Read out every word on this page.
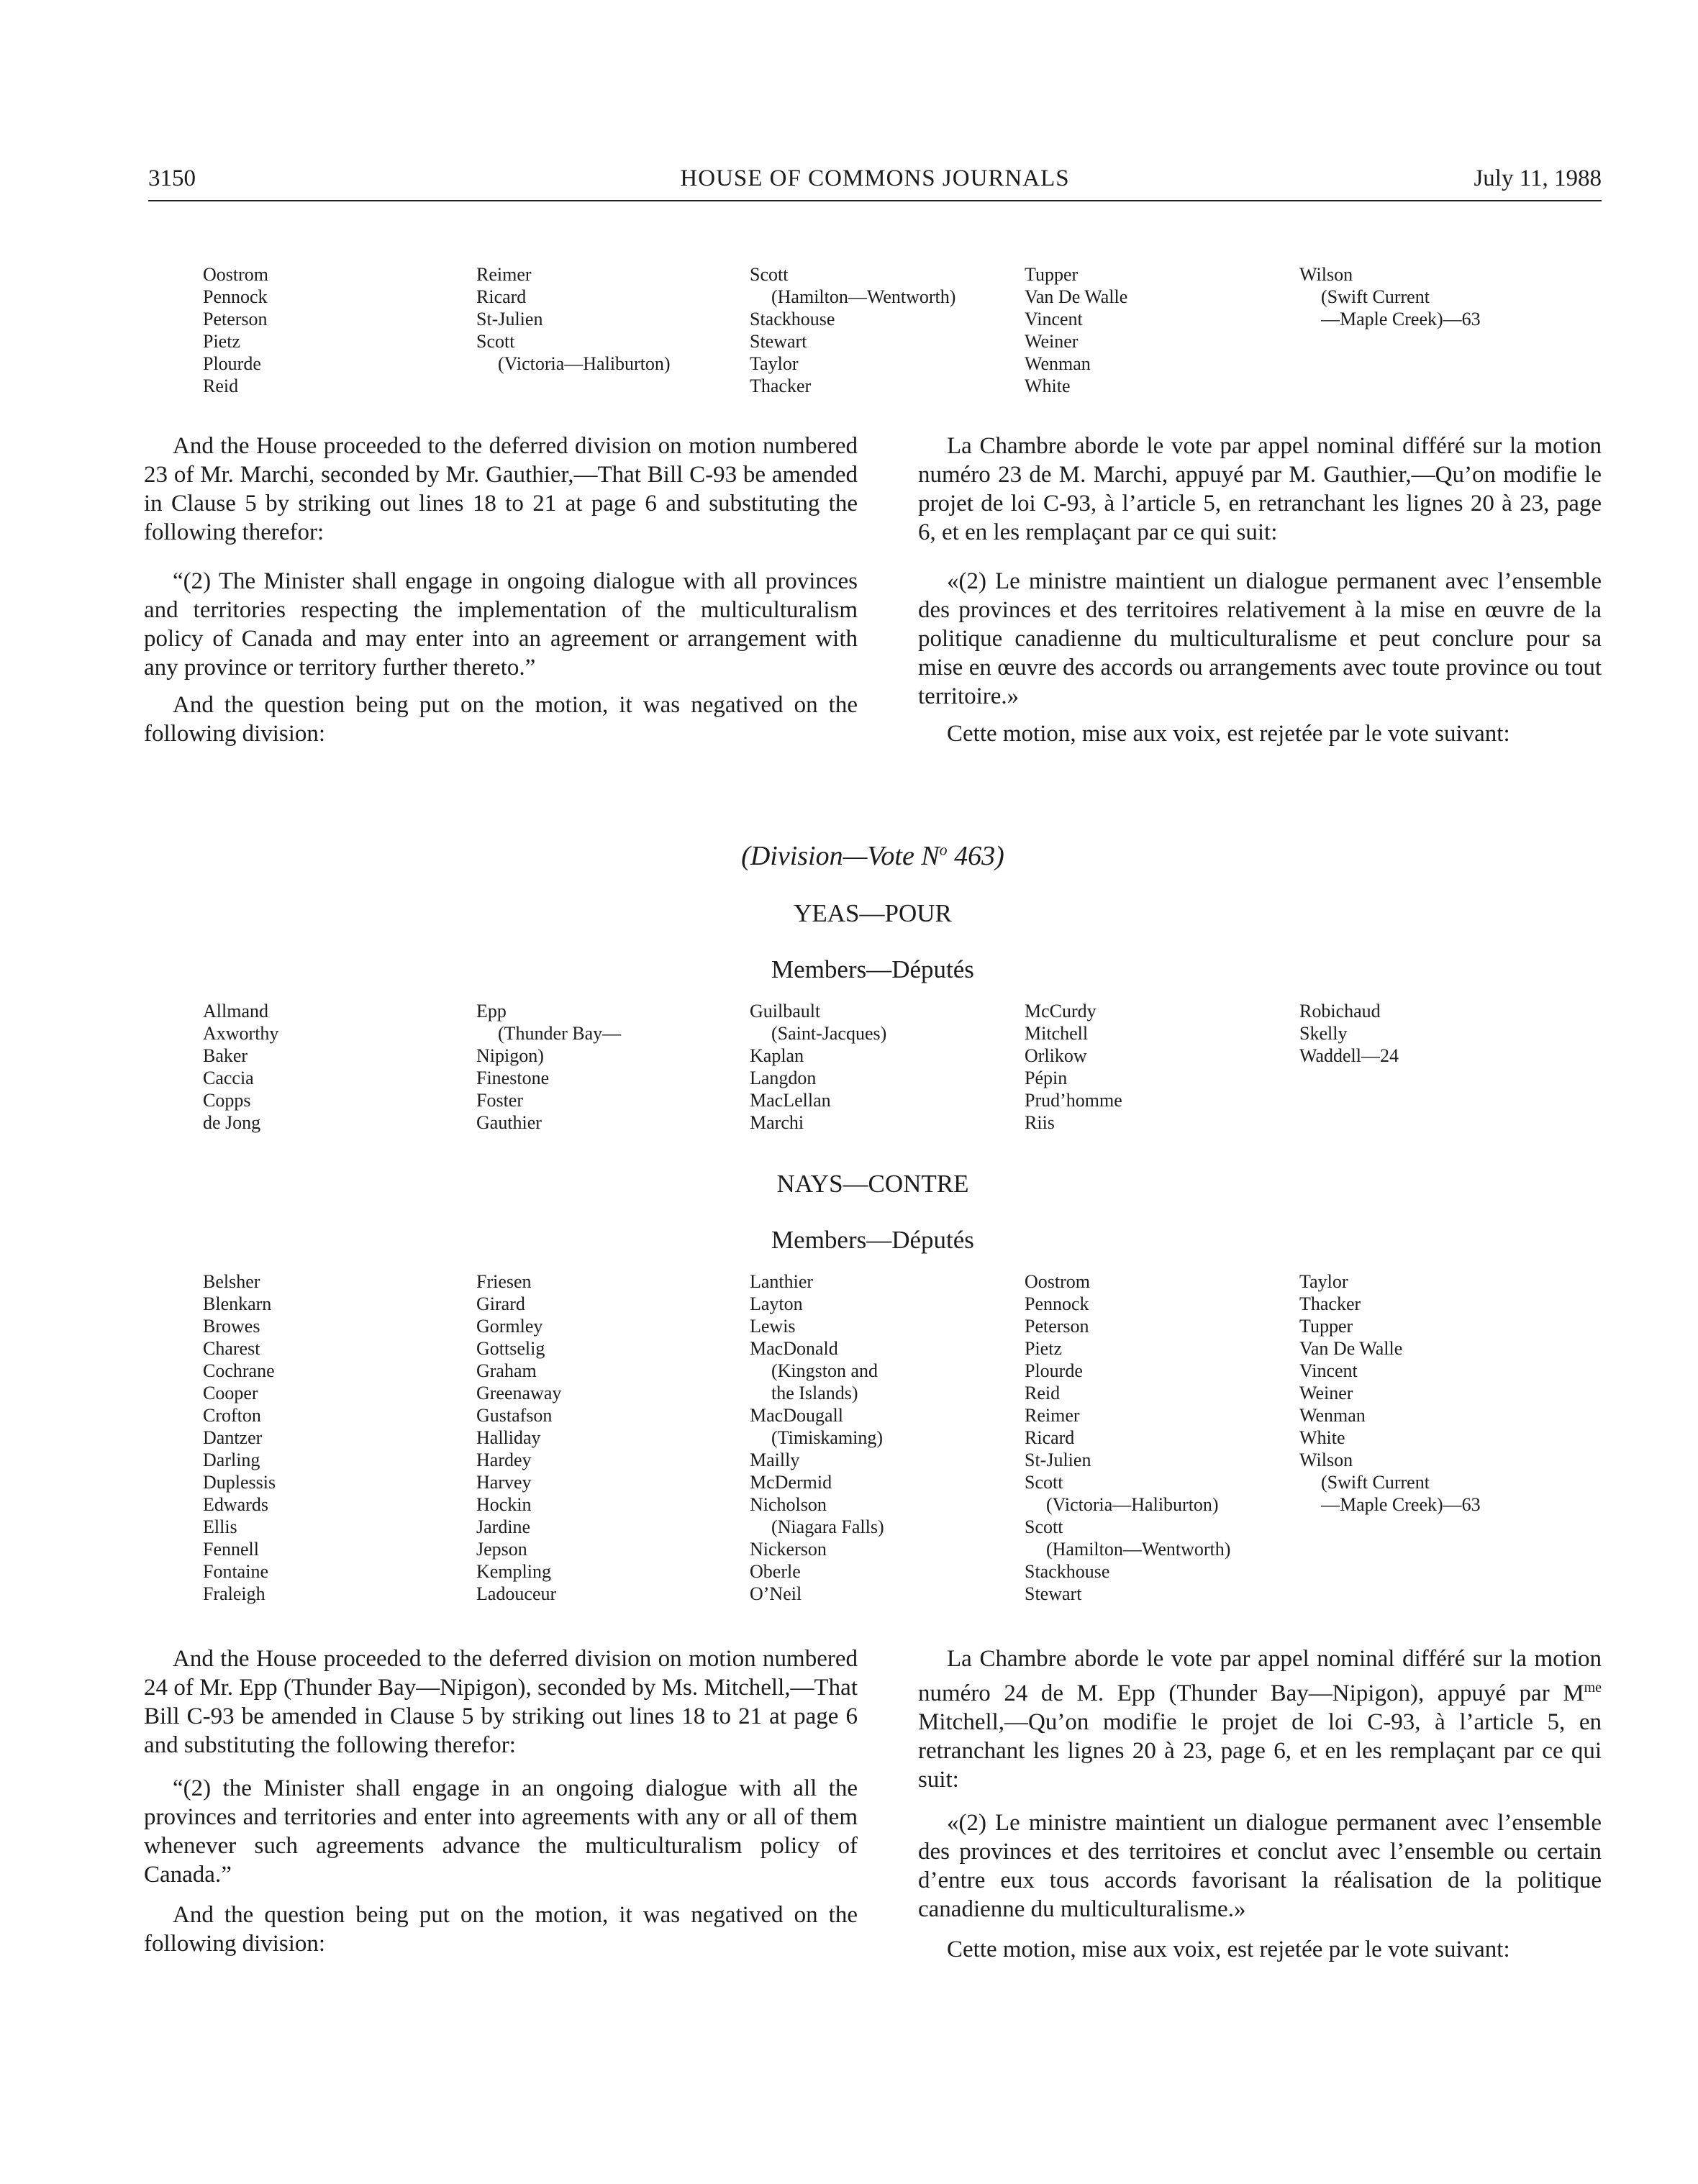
3150	HOUSE OF COMMONS JOURNALS	July 11, 1988
Oostrom
Pennock
Peterson
Pietz
Plourde
Reid
Reimer
Ricard
St-Julien
Scott
(Victoria—Haliburton)
Scott
(Hamilton—Wentworth)
Stackhouse
Stewart
Taylor
Thacker
Tupper
Van De Walle
Vincent
Weiner
Wenman
White
Wilson
(Swift Current
—Maple Creek)—63

And the House proceeded to the deferred division on motion numbered 23 of Mr. Marchi, seconded by Mr. Gauthier,—That Bill C-93 be amended in Clause 5 by striking out lines 18 to 21 at page 6 and substituting the following therefor:

“(2) The Minister shall engage in ongoing dialogue with all provinces and territories respecting the implementation of the multiculturalism policy of Canada and may enter into an agreement or arrangement with any province or territory further thereto.”

And the question being put on the motion, it was negatived on the following division:

La Chambre aborde le vote par appel nominal différé sur la motion numéro 23 de M. Marchi, appuyé par M. Gauthier,—Qu’on modifie le projet de loi C-93, à l’article 5, en retranchant les lignes 20 à 23, page 6, et en les remplaçant par ce qui suit:

«(2) Le ministre maintient un dialogue permanent avec l’ensemble des provinces et des territoires relativement à la mise en œuvre de la politique canadienne du multiculturalisme et peut conclure pour sa mise en œuvre des accords ou arrangements avec toute province ou tout territoire.»

Cette motion, mise aux voix, est rejetée par le vote suivant:

(Division—Vote $N^o$ 463)
YEAS—POUR
Members—Députés
Allmand
Axworthy
Baker
Caccia
Copps
de Jong
Epp
(Thunder Bay—
Nipigon)
Finestone
Foster
Gauthier
Guilbault
(Saint-Jacques)
Kaplan
Langdon
MacLellan
Marchi
McCurdy
Mitchell
Orlikow
Pépin
Prud’homme
Riis
Robichaud
Skelly
Waddell—24
NAYS—CONTRE
Members—Députés
Belsher
Blenkarn
Browes
Charest
Cochrane
Cooper
Crofton
Dantzer
Darling
Duplessis
Edwards
Ellis
Fennell
Fontaine
Fraleigh
Friesen
Girard
Gormley
Gottselig
Graham
Greenaway
Gustafson
Halliday
Hardey
Harvey
Hockin
Jardine
Jepson
Kempling
Ladouceur
Lanthier
Layton
Lewis
MacDonald
(Kingston and
the Islands)
MacDougall
(Timiskaming)
Mailly
McDermid
Nicholson
(Niagara Falls)
Nickerson
Oberle
O’Neil
Oostrom
Pennock
Peterson
Pietz
Plourde
Reid
Reimer
Ricard
St-Julien
Scott
(Victoria—Haliburton)
Scott
(Hamilton—Wentworth)
Stackhouse
Stewart
Taylor
Thacker
Tupper
Van De Walle
Vincent
Weiner
Wenman
White
Wilson
(Swift Current
—Maple Creek)—63

And the House proceeded to the deferred division on motion numbered 24 of Mr. Epp (Thunder Bay—Nipigon), seconded by Ms. Mitchell,—That Bill C-93 be amended in Clause 5 by striking out lines 18 to 21 at page 6 and substituting the following therefor:

“(2) the Minister shall engage in an ongoing dialogue with all the provinces and territories and enter into agreements with any or all of them whenever such agreements advance the multiculturalism policy of Canada.”

And the question being put on the motion, it was negatived on the following division:

La Chambre aborde le vote par appel nominal différé sur la motion numéro 24 de M. Epp (Thunder Bay—Nipigon), appuyé par $M^{me}$ Mitchell,—Qu’on modifie le projet de loi C-93, à l’article 5, en retranchant les lignes 20 à 23, page 6, et en les remplaçant par ce qui suit:

«(2) Le ministre maintient un dialogue permanent avec l’ensemble des provinces et des territoires et conclut avec l’ensemble ou certain d’entre eux tous accords favorisant la réalisation de la politique canadienne du multiculturalisme.»

Cette motion, mise aux voix, est rejetée par le vote suivant:
